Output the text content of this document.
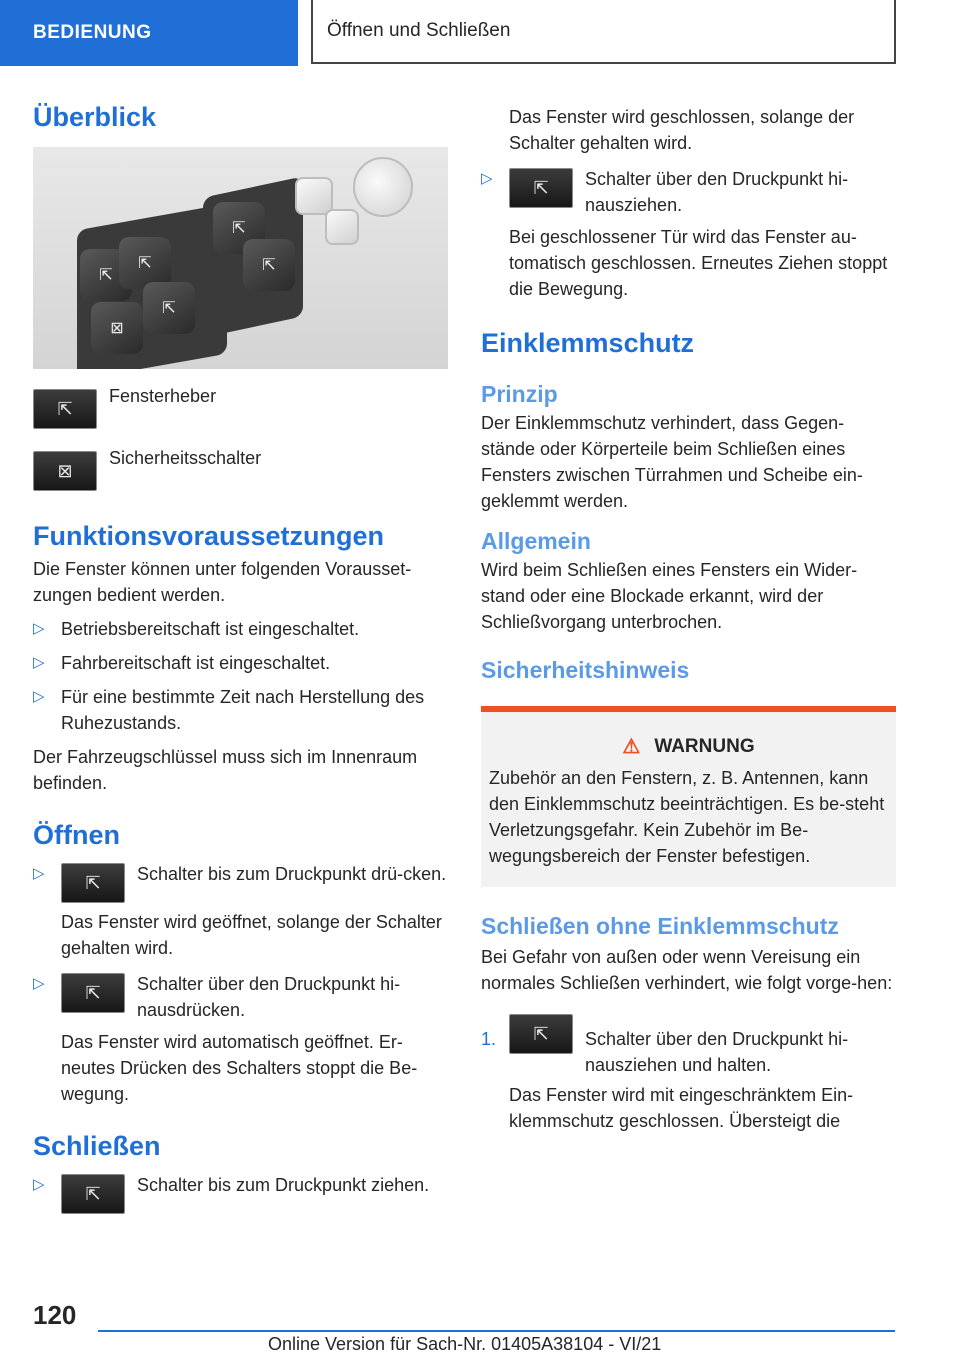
BEDIENUNG	Öffnen und Schließen
Überblick
⇱
⇱
⊠
⇱
⇱
⇱
⇱
Fensterheber
⊠
Sicherheitsschalter
Funktionsvoraussetzungen

Die Fenster können unter folgenden Vorausset-zungen bedient werden.

▷ Betriebsbereitschaft ist eingeschaltet.

▷ Fahrbereitschaft ist eingeschaltet.

▷ Für eine bestimmte Zeit nach Herstellung des Ruhezustands.

Der Fahrzeugschlüssel muss sich im Innenraum befinden.

Öffnen
▷	⇱	Schalter bis zum Druckpunkt drü-cken.

Das Fenster wird geöffnet, solange der Schalter gehalten wird.

▷	⇱	Schalter über den Druckpunkt hi-nausdrücken.

Das Fenster wird automatisch geöffnet. Er-neutes Drücken des Schalters stoppt die Be-wegung.

Schließen
▷	⇱	Schalter bis zum Druckpunkt ziehen.

Das Fenster wird geschlossen, solange der Schalter gehalten wird.

▷	⇱	Schalter über den Druckpunkt hi-nausziehen.

Bei geschlossener Tür wird das Fenster au-tomatisch geschlossen. Erneutes Ziehen stoppt die Bewegung.

Einklemmschutz
Prinzip

Der Einklemmschutz verhindert, dass Gegen-stände oder Körperteile beim Schließen eines Fensters zwischen Türrahmen und Scheibe ein-geklemmt werden.

Allgemein

Wird beim Schließen eines Fensters ein Wider-stand oder eine Blockade erkannt, wird der Schließvorgang unterbrochen.

Sicherheitshinweis
⚠ WARNUNG

Zubehör an den Fenstern, z. B. Antennen, kann den Einklemmschutz beeinträchtigen. Es be-steht Verletzungsgefahr. Kein Zubehör im Be-wegungsbereich der Fenster befestigen.

Schließen ohne Einklemmschutz

Bei Gefahr von außen oder wenn Vereisung ein normales Schließen verhindert, wie folgt vorge-hen:

1.	⇱	Schalter über den Druckpunkt hi-nausziehen und halten.

Das Fenster wird mit eingeschränktem Ein-klemmschutz geschlossen. Übersteigt die

120
Online Version für Sach-Nr. 01405A38104 - VI/21
